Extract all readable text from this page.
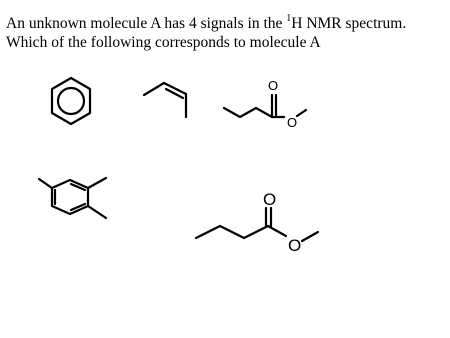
An unknown molecule A has 4 signals in the $^1$H NMR spectrum. Which of the following corresponds to molecule A

O
O
O
O
